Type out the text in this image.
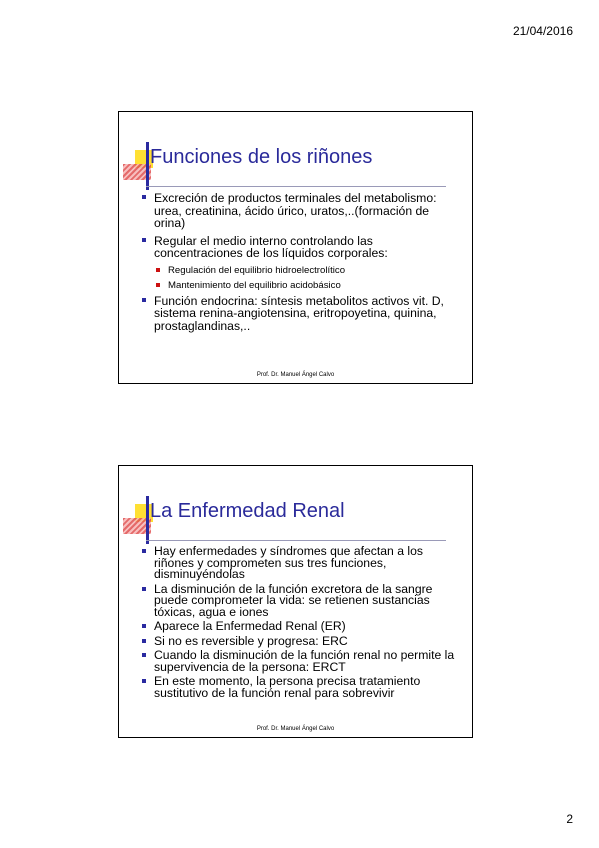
21/04/2016
Funciones de los riñones
Excreción de productos terminales del metabolismo: urea, creatinina, ácido úrico, uratos,..(formación de orina)
Regular el medio interno controlando las concentraciones de los líquidos corporales:
Regulación del equilibrio hidroelectrolítico
Mantenimiento del equilibrio acidobásico
Función endocrina: síntesis metabolitos activos vit. D, sistema renina-angiotensina, eritropoyetina, quinina, prostaglandinas,..
Prof. Dr. Manuel Ángel Calvo
La Enfermedad Renal
Hay enfermedades y síndromes que afectan a los riñones y comprometen sus tres funciones, disminuyéndolas
La disminución de la función excretora de la sangre puede comprometer la vida: se retienen sustancias tóxicas, agua e iones
Aparece la Enfermedad Renal (ER)
Si no es reversible y progresa: ERC
Cuando la disminución de la función renal no permite la supervivencia de la persona: ERCT
En este momento, la persona precisa tratamiento sustitutivo de la función renal para sobrevivir
Prof. Dr. Manuel Ángel Calvo
2
